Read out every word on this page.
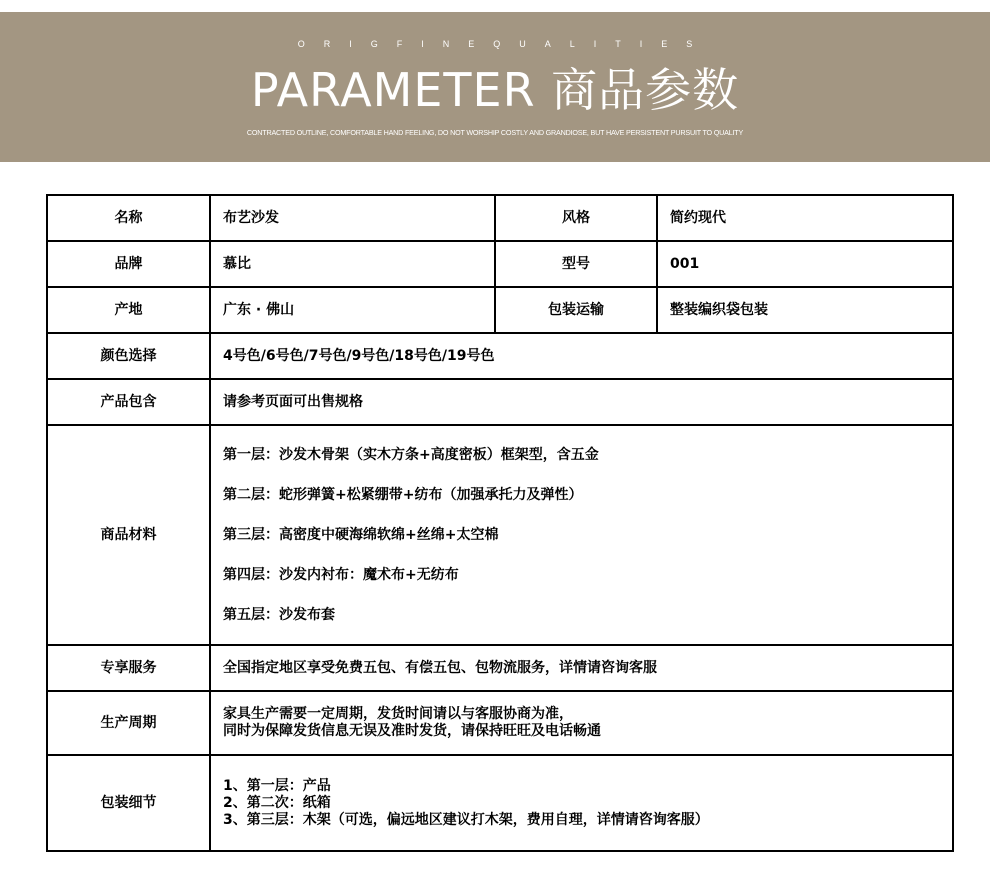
ORIGFINEQUALITIES
PARAMETER 商品参数
CONTRACTED OUTLINE, COMFORTABLE HAND FEELING, DO NOT WORSHIP COSTLY AND GRANDIOSE, BUT HAVE PERSISTENT PURSUIT TO QUALITY
名称	布艺沙发	风格	简约现代
品牌	慕比	型号	001
产地	广东 · 佛山	包装运输	整装编织袋包装
颜色选择	4号色/6号色/7号色/9号色/18号色/19号色		
产品包含	请参考页面可出售规格		
商品材料	第一层：沙发木骨架（实木方条+高度密板）框架型，含五金
第二层：蛇形弹簧+松紧绷带+纺布（加强承托力及弹性）
第三层：高密度中硬海绵软绵+丝绵+太空棉
第四层：沙发内衬布：魔术布+无纺布
第五层：沙发布套		

专享服务	全国指定地区享受免费五包、有偿五包、包物流服务，详情请咨询客服		
生产周期	家具生产需要一定周期，发货时间请以与客服协商为准，
同时为保障发货信息无误及准时发货，请保持旺旺及电话畅通		

包装细节	1、第一层：产品
2、第二次：纸箱
3、第三层：木架（可选，偏远地区建议打木架，费用自理，详情请咨询客服）		
